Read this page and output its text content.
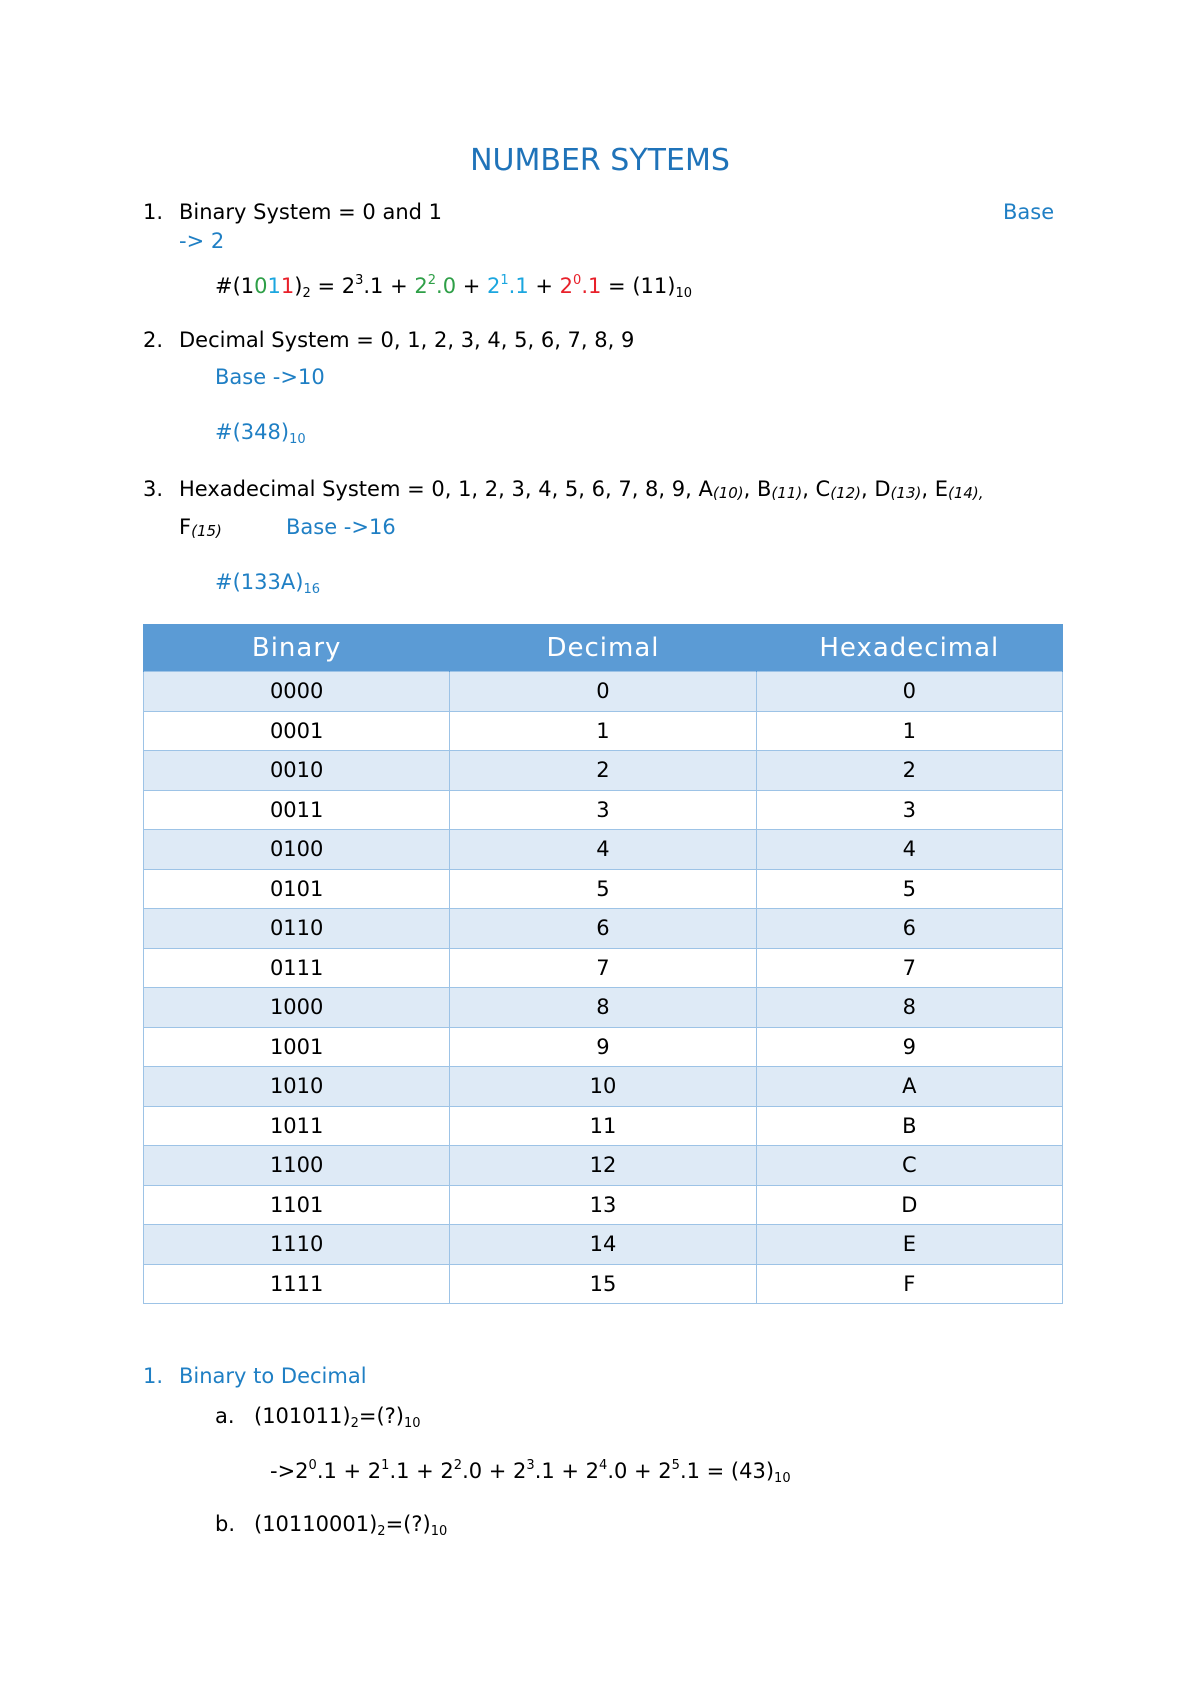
NUMBER SYTEMS
1. Binary System = 0 and 1	Base
-> 2
$\#(1011)_2 = 2^3.1 + 2^2.0 + 2^1.1 + 2^0.1 = (11)_{10}$
2. Decimal System = 0, 1, 2, 3, 4, 5, 6, 7, 8, 9
Base ->10
$\#(348)_{10}$
3. Hexadecimal System = 0, 1, 2, 3, 4, 5, 6, 7, 8, 9, A(10), B(11), C(12), D(13), E(14),
F(15)	Base ->16
$\#(133A)_{16}$
Binary	Decimal	Hexadecimal
0000	0	0
0001	1	1
0010	2	2
0011	3	3
0100	4	4
0101	5	5
0110	6	6
0111	7	7
1000	8	8
1001	9	9
1010	10	A
1011	11	B
1100	12	C
1101	13	D
1110	14	E
1111	15	F
1. Binary to Decimal
a. $(101011)_2=(?)_{10}$
$->2^0.1 + 2^1.1 + 2^2.0 + 2^3.1 + 2^4.0 + 2^5.1 = (43)_{10}$
b. $(10110001)_2=(?)_{10}$
